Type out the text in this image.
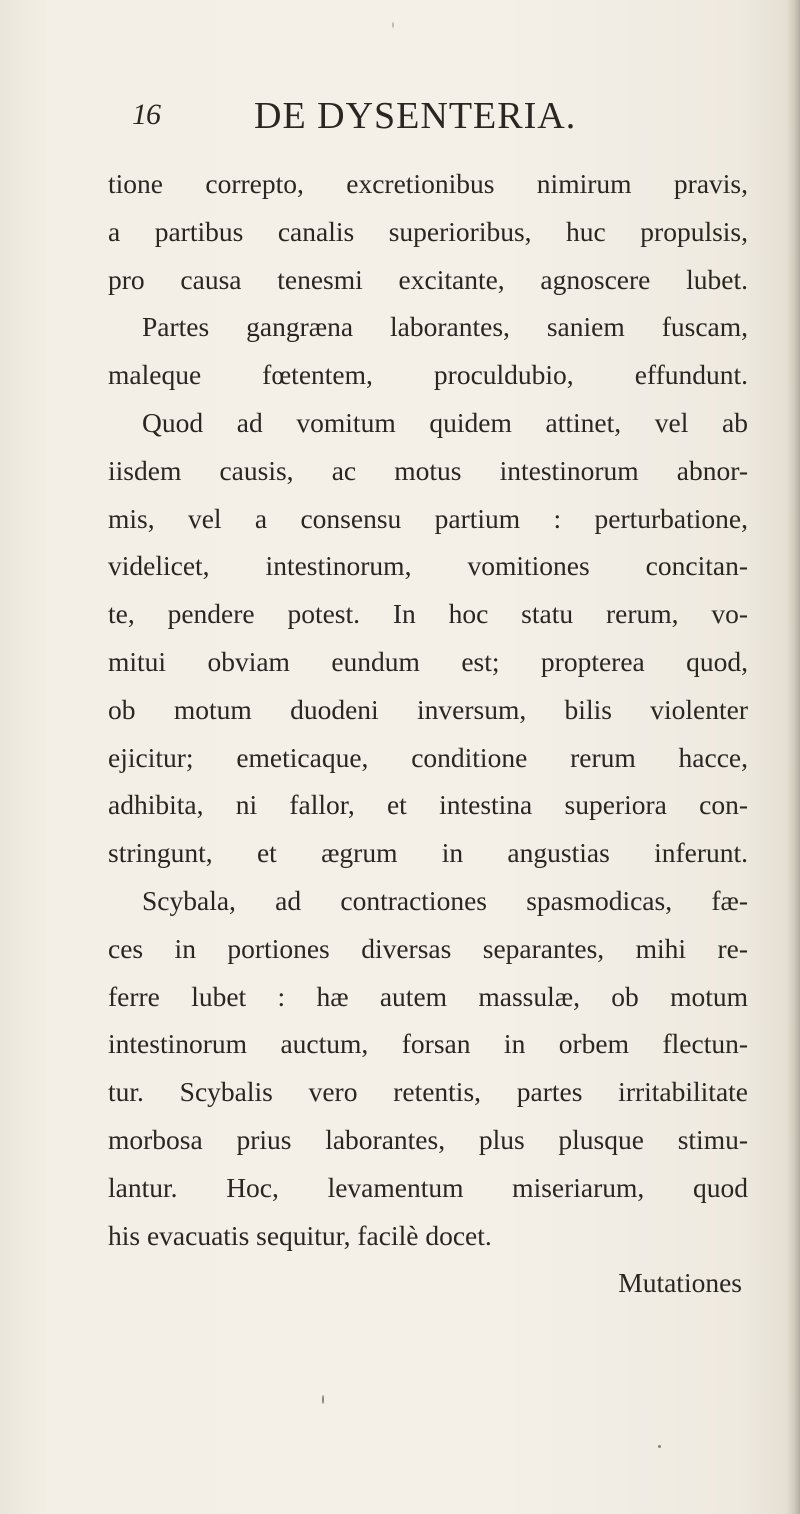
16 DE DYSENTERIA.
tione correpto, excretionibus nimirum pravis,
a partibus canalis superioribus, huc propulsis,
pro causa tenesmi excitante, agnoscere lubet.
Partes gangræna laborantes, saniem fuscam,
maleque fœtentem, proculdubio, effundunt.
Quod ad vomitum quidem attinet, vel ab
iisdem causis, ac motus intestinorum abnor-
mis, vel a consensu partium : perturbatione,
videlicet, intestinorum, vomitiones concitan-
te, pendere potest. In hoc statu rerum, vo-
mitui obviam eundum est; propterea quod,
ob motum duodeni inversum, bilis violenter
ejicitur; emeticaque, conditione rerum hacce,
adhibita, ni fallor, et intestina superiora con-
stringunt, et ægrum in angustias inferunt.
Scybala, ad contractiones spasmodicas, fæ-
ces in portiones diversas separantes, mihi re-
ferre lubet : hæ autem massulæ, ob motum
intestinorum auctum, forsan in orbem flectun-
tur. Scybalis vero retentis, partes irritabilitate
morbosa prius laborantes, plus plusque stimu-
lantur. Hoc, levamentum miseriarum, quod
his evacuatis sequitur, facilè docet.
Mutationes
